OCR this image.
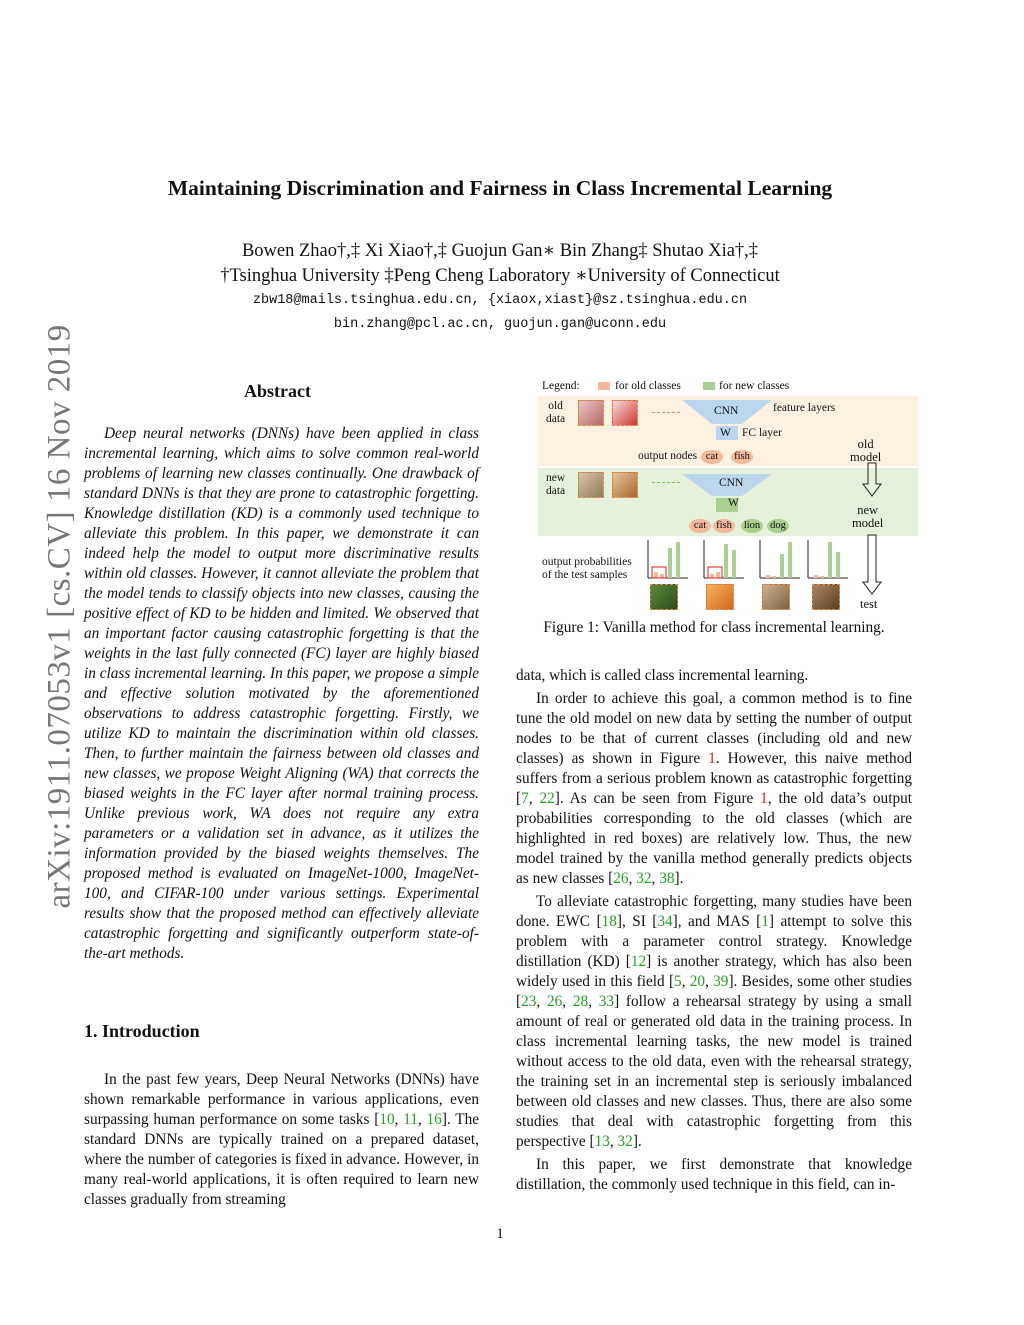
arXiv:1911.07053v1 [cs.CV] 16 Nov 2019
Maintaining Discrimination and Fairness in Class Incremental Learning
Bowen Zhao†,‡ Xi Xiao†,‡ Guojun Gan∗ Bin Zhang‡ Shutao Xia†,‡
†Tsinghua University ‡Peng Cheng Laboratory ∗University of Connecticut
zbw18@mails.tsinghua.edu.cn, {xiaox,xiast}@sz.tsinghua.edu.cn
bin.zhang@pcl.ac.cn, guojun.gan@uconn.edu
Abstract

Deep neural networks (DNNs) have been applied in class incremental learning, which aims to solve common real-world problems of learning new classes continually. One drawback of standard DNNs is that they are prone to catastrophic forgetting. Knowledge distillation (KD) is a commonly used technique to alleviate this problem. In this paper, we demonstrate it can indeed help the model to output more discriminative results within old classes. However, it cannot alleviate the problem that the model tends to classify objects into new classes, causing the positive effect of KD to be hidden and limited. We observed that an important factor causing catastrophic forgetting is that the weights in the last fully connected (FC) layer are highly biased in class incremental learning. In this paper, we propose a simple and effective solution motivated by the aforementioned observations to address catastrophic forgetting. Firstly, we utilize KD to maintain the discrimination within old classes. Then, to further maintain the fairness between old classes and new classes, we propose Weight Aligning (WA) that corrects the biased weights in the FC layer after normal training process. Unlike previous work, WA does not require any extra parameters or a validation set in advance, as it utilizes the information provided by the biased weights themselves. The proposed method is evaluated on ImageNet-1000, ImageNet-100, and CIFAR-100 under various settings. Experimental results show that the proposed method can effectively alleviate catastrophic forgetting and significantly outperform state-of-the-art methods.

1. Introduction

In the past few years, Deep Neural Networks (DNNs) have shown remarkable performance in various applications, even surpassing human performance on some tasks [10, 11, 16]. The standard DNNs are typically trained on a prepared dataset, where the number of categories is fixed in advance. However, in many real-world applications, it is often required to learn new classes gradually from streaming

Legend:	for old classes	for new classes
old
data
CNN
W
feature layers
FC layer
output nodes cat	fish
old
model
new
data
CNN
W
cat fish lion dog
new
model
test
output probabilities
of the test samples
Figure 1: Vanilla method for class incremental learning.

data, which is called class incremental learning.

In order to achieve this goal, a common method is to fine tune the old model on new data by setting the number of output nodes to be that of current classes (including old and new classes) as shown in Figure 1. However, this naive method suffers from a serious problem known as catastrophic forgetting [7, 22]. As can be seen from Figure 1, the old data’s output probabilities corresponding to the old classes (which are highlighted in red boxes) are relatively low. Thus, the new model trained by the vanilla method generally predicts objects as new classes [26, 32, 38].

To alleviate catastrophic forgetting, many studies have been done. EWC [18], SI [34], and MAS [1] attempt to solve this problem with a parameter control strategy. Knowledge distillation (KD) [12] is another strategy, which has also been widely used in this field [5, 20, 39]. Besides, some other studies [23, 26, 28, 33] follow a rehearsal strategy by using a small amount of real or generated old data in the training process. In class incremental learning tasks, the new model is trained without access to the old data, even with the rehearsal strategy, the training set in an incremental step is seriously imbalanced between old classes and new classes. Thus, there are also some studies that deal with catastrophic forgetting from this perspective [13, 32].

In this paper, we first demonstrate that knowledge distillation, the commonly used technique in this field, can in-

1
